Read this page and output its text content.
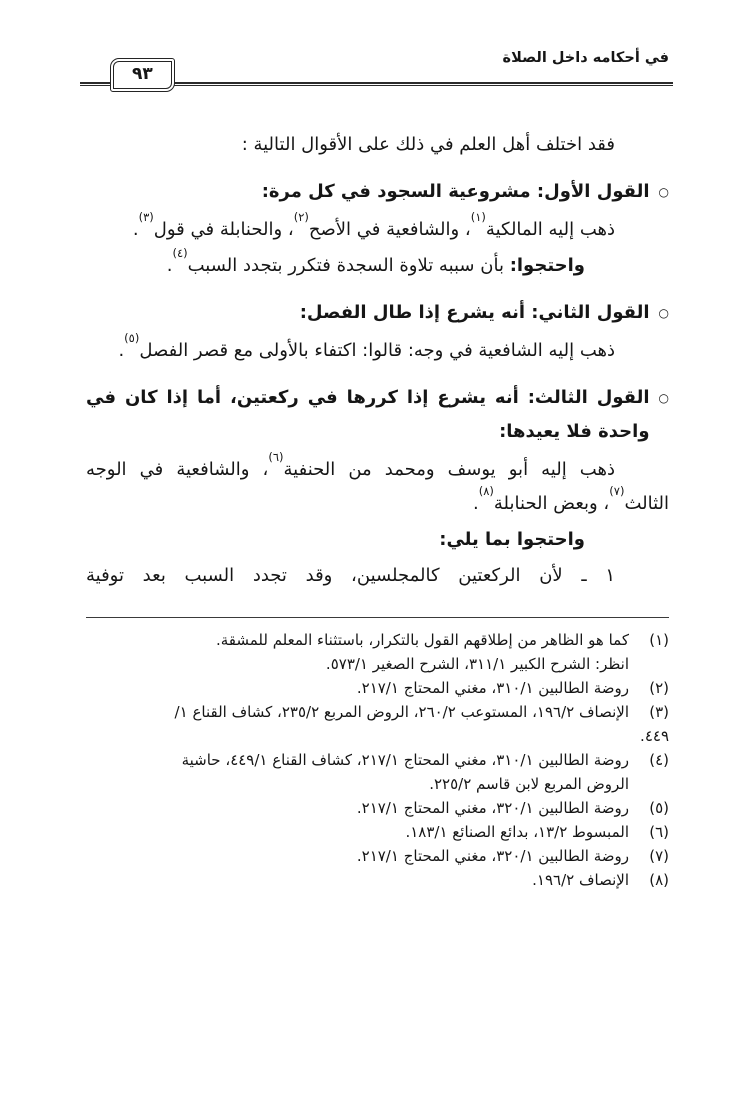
في أحكامه داخل الصلاة
٩٣

فقد اختلف أهل العلم في ذلك على الأقوال التالية :

○
القول الأول: مشروعية السجود في كل مرة:

ذهب إليه المالكية$^{(١)}$، والشافعية في الأصح$^{(٢)}$، والحنابلة في قول$^{(٣)}$.

واحتجوا: بأن سببه تلاوة السجدة فتكرر بتجدد السبب$^{(٤)}$.

○
القول الثاني: أنه يشرع إذا طال الفصل:

ذهب إليه الشافعية في وجه: قالوا: اكتفاء بالأولى مع قصر الفصل$^{(٥)}$.

○
القول الثالث: أنه يشرع إذا كررها في ركعتين، أما إذا كان في واحدة فلا يعيدها:

ذهب إليه أبو يوسف ومحمد من الحنفية$^{(٦)}$، والشافعية في الوجه الثالث$^{(٧)}$، وبعض الحنابلة$^{(٨)}$.

واحتجوا بما يلي:

١ ـ لأن الركعتين كالمجلسين، وقد تجدد السبب بعد توفية

(١)
كما هو الظاهر من إطلاقهم القول بالتكرار، باستثناء المعلم للمشقة.
انظر: الشرح الكبير ٣١١/١، الشرح الصغير ٥٧٣/١.
(٢)
روضة الطالبين ٣١٠/١، مغني المحتاج ٢١٧/١.
(٣)
الإنصاف ١٩٦/٢، المستوعب ٢٦٠/٢، الروض المربع ٢٣٥/٢، كشاف القناع ١/
٤٤٩.
(٤)
روضة الطالبين ٣١٠/١، مغني المحتاج ٢١٧/١، كشاف القناع ٤٤٩/١، حاشية
الروض المربع لابن قاسم ٢٢٥/٢.
(٥)
روضة الطالبين ٣٢٠/١، مغني المحتاج ٢١٧/١.
(٦)
المبسوط ١٣/٢، بدائع الصنائع ١٨٣/١.
(٧)
روضة الطالبين ٣٢٠/١، مغني المحتاج ٢١٧/١.
(٨)
الإنصاف ١٩٦/٢.
